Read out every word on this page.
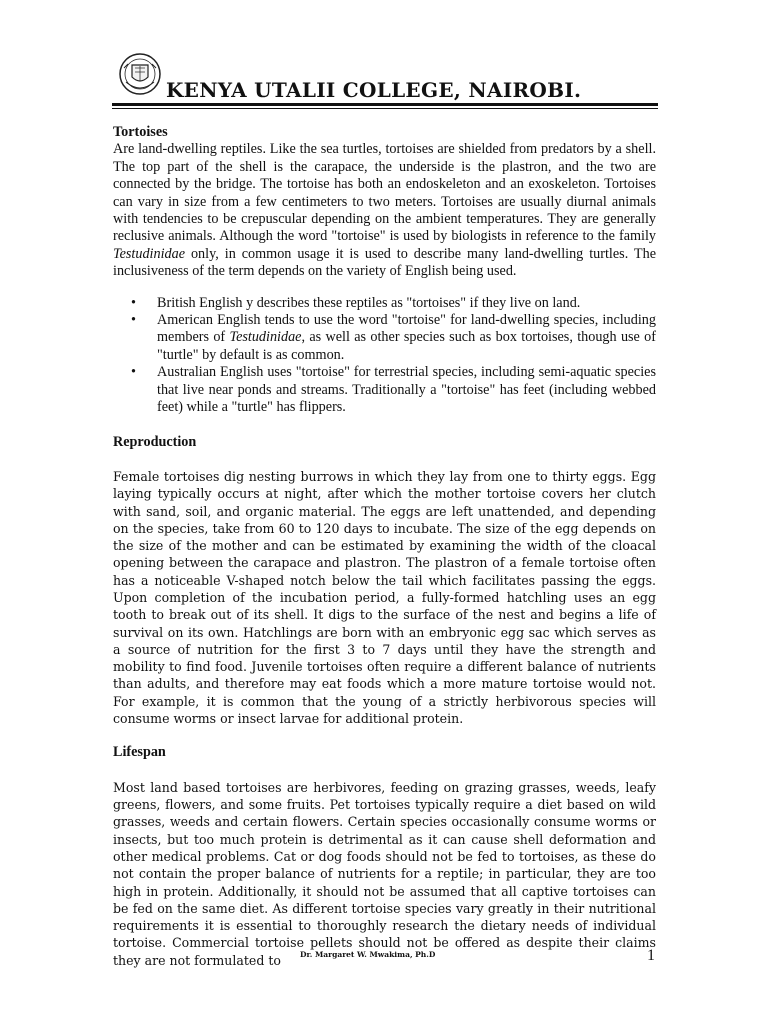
KENYA UTALII COLLEGE, NAIROBI.
Tortoises

Are land-dwelling reptiles. Like the sea turtles, tortoises are shielded from predators by a shell. The top part of the shell is the carapace, the underside is the plastron, and the two are connected by the bridge. The tortoise has both an endoskeleton and an exoskeleton. Tortoises can vary in size from a few centimeters to two meters. Tortoises are usually diurnal animals with tendencies to be crepuscular depending on the ambient temperatures. They are generally reclusive animals. Although the word "tortoise" is used by biologists in reference to the family Testudinidae only, in common usage it is used to describe many land-dwelling turtles. The inclusiveness of the term depends on the variety of English being used.

• British English y describes these reptiles as "tortoises" if they live on land.
• American English tends to use the word "tortoise" for land-dwelling species, including members of Testudinidae, as well as other species such as box tortoises, though use of "turtle" by default is as common.
• Australian English uses "tortoise" for terrestrial species, including semi-aquatic species that live near ponds and streams. Traditionally a "tortoise" has feet (including webbed feet) while a "turtle" has flippers.
Reproduction

Female tortoises dig nesting burrows in which they lay from one to thirty eggs. Egg laying typically occurs at night, after which the mother tortoise covers her clutch with sand, soil, and organic material. The eggs are left unattended, and depending on the species, take from 60 to 120 days to incubate. The size of the egg depends on the size of the mother and can be estimated by examining the width of the cloacal opening between the carapace and plastron. The plastron of a female tortoise often has a noticeable V-shaped notch below the tail which facilitates passing the eggs. Upon completion of the incubation period, a fully-formed hatchling uses an egg tooth to break out of its shell. It digs to the surface of the nest and begins a life of survival on its own. Hatchlings are born with an embryonic egg sac which serves as a source of nutrition for the first 3 to 7 days until they have the strength and mobility to find food. Juvenile tortoises often require a different balance of nutrients than adults, and therefore may eat foods which a more mature tortoise would not. For example, it is common that the young of a strictly herbivorous species will consume worms or insect larvae for additional protein.

Lifespan

Most land based tortoises are herbivores, feeding on grazing grasses, weeds, leafy greens, flowers, and some fruits. Pet tortoises typically require a diet based on wild grasses, weeds and certain flowers. Certain species occasionally consume worms or insects, but too much protein is detrimental as it can cause shell deformation and other medical problems. Cat or dog foods should not be fed to tortoises, as these do not contain the proper balance of nutrients for a reptile; in particular, they are too high in protein. Additionally, it should not be assumed that all captive tortoises can be fed on the same diet. As different tortoise species vary greatly in their nutritional requirements it is essential to thoroughly research the dietary needs of individual tortoise. Commercial tortoise pellets should not be offered as despite their claims they are not formulated to	Dr. Margaret W. Mwakima, Ph.D	1
